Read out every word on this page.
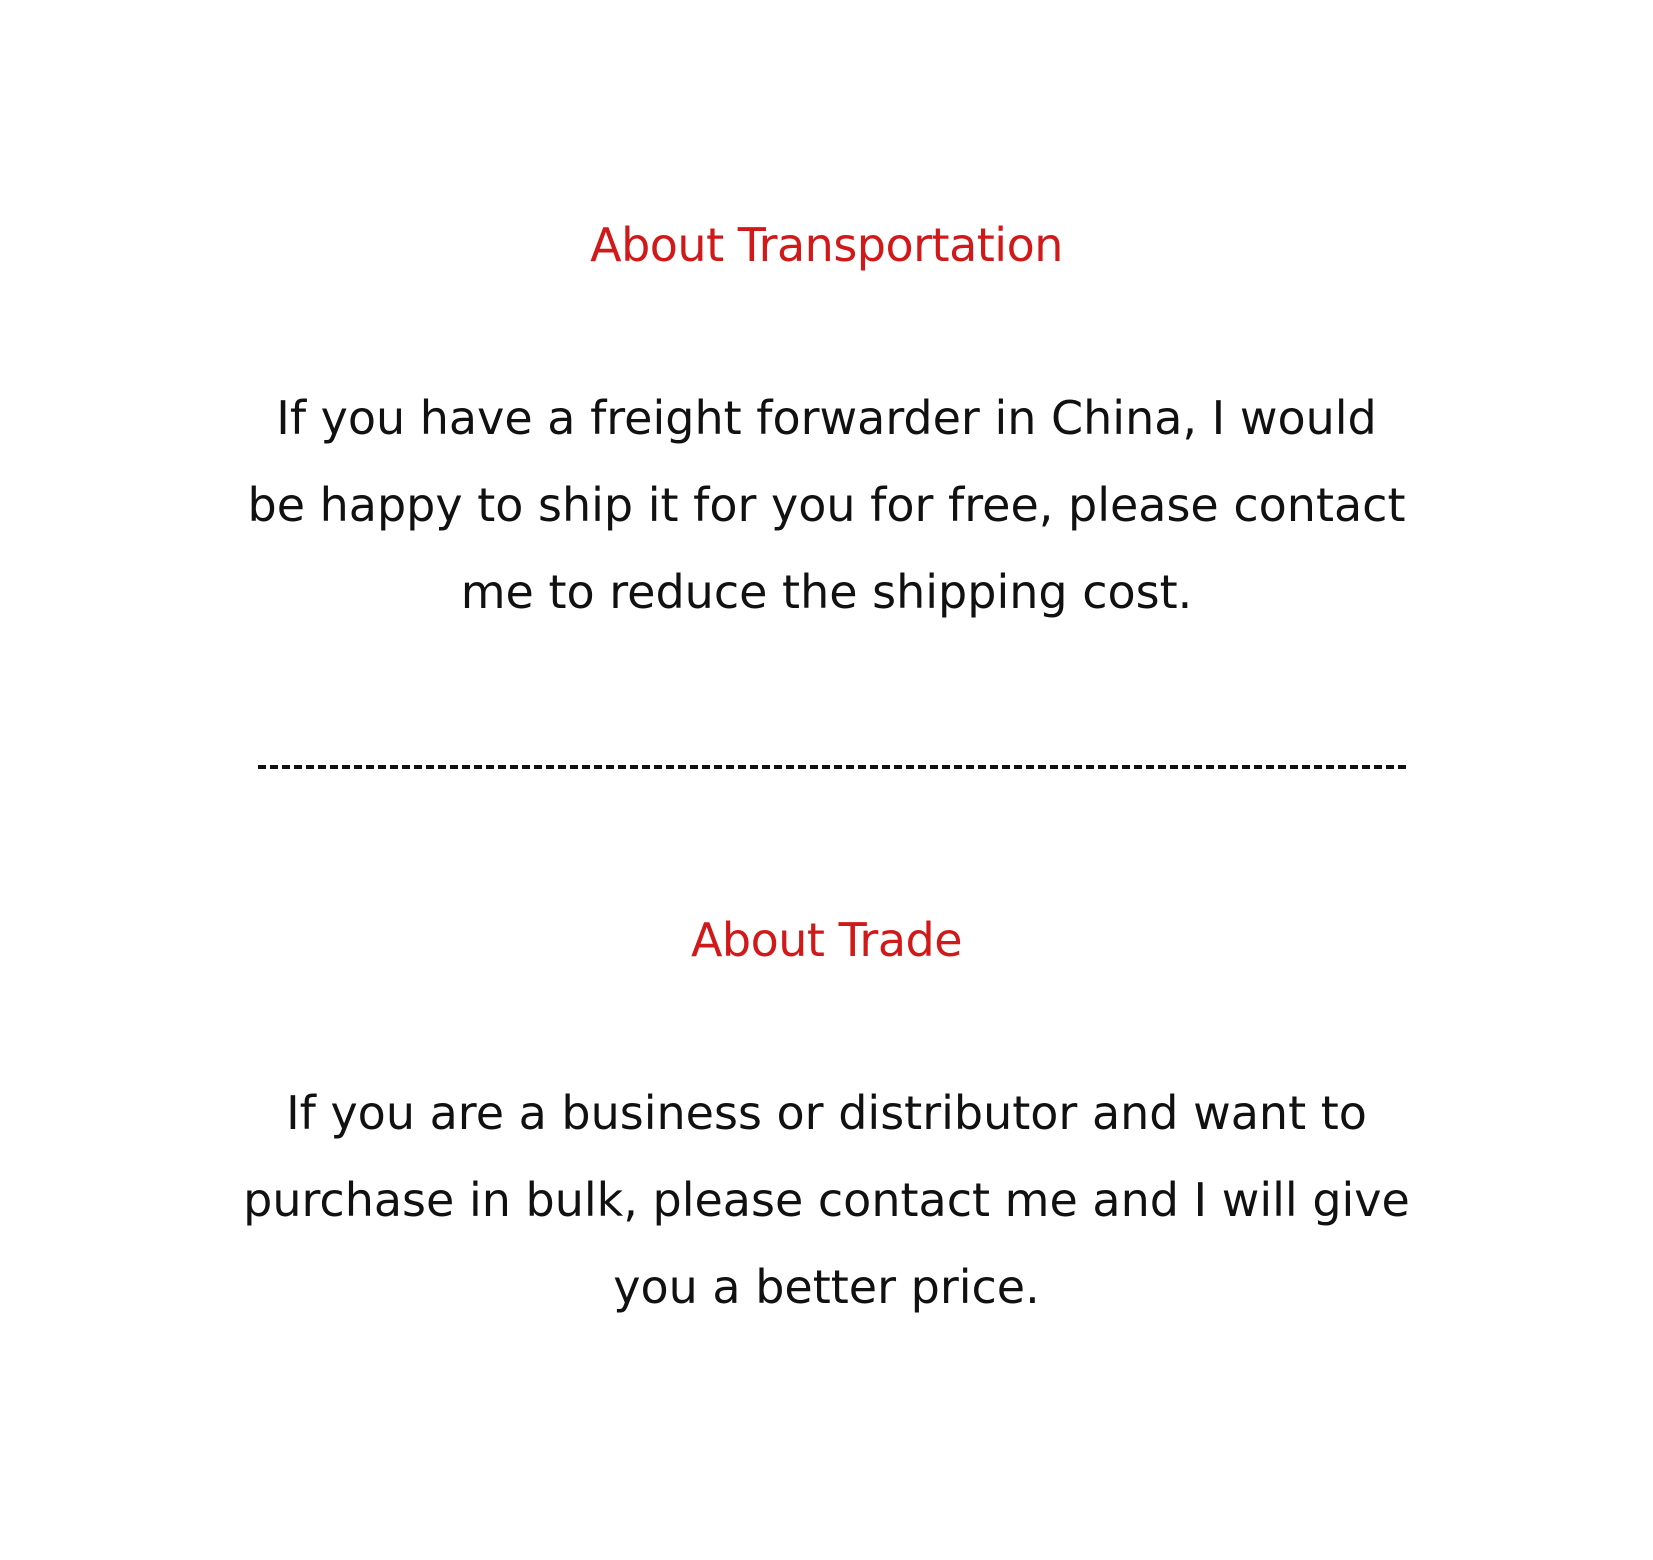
About Transportation

If you have a freight forwarder in China, I would
be happy to ship it for you for free, please contact
me to reduce the shipping cost.

About Trade

If you are a business or distributor and want to
purchase in bulk, please contact me and I will give
you a better price.
